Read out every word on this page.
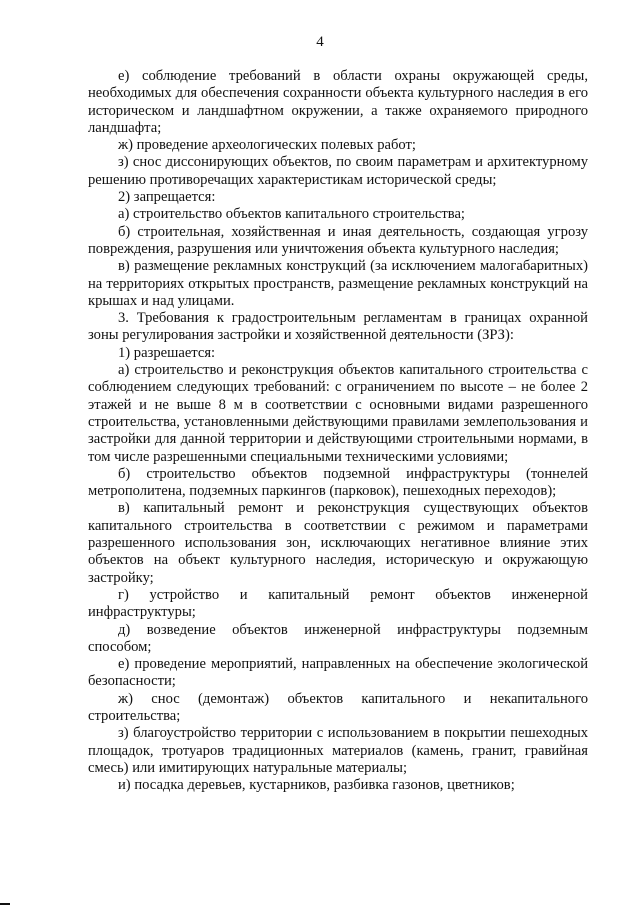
4

е) соблюдение требований в области охраны окружающей среды, необходимых для обеспечения сохранности объекта культурного наследия в его историческом и ландшафтном окружении, а также охраняемого природного ландшафта;

ж) проведение археологических полевых работ;

з) снос диссонирующих объектов, по своим параметрам и архитектурному решению противоречащих характеристикам исторической среды;

2) запрещается:

а) строительство объектов капитального строительства;

б) строительная, хозяйственная и иная деятельность, создающая угрозу повреждения, разрушения или уничтожения объекта культурного наследия;

в) размещение рекламных конструкций (за исключением малогабаритных) на территориях открытых пространств, размещение рекламных конструкций на крышах и над улицами.

3. Требования к градостроительным регламентам в границах охранной зоны регулирования застройки и хозяйственной деятельности (ЗРЗ):

1) разрешается:

а) строительство и реконструкция объектов капитального строительства с соблюдением следующих требований: с ограничением по высоте – не более 2 этажей и не выше 8 м в соответствии с основными видами разрешенного строительства, установленными действующими правилами землепользования и застройки для данной территории и действующими строительными нормами, в том числе разрешенными специальными техническими условиями;

б) строительство объектов подземной инфраструктуры (тоннелей метрополитена, подземных паркингов (парковок), пешеходных переходов);

в) капитальный ремонт и реконструкция существующих объектов капитального строительства в соответствии с режимом и параметрами разрешенного использования зон, исключающих негативное влияние этих объектов на объект культурного наследия, историческую и окружающую застройку;

г) устройство и капитальный ремонт объектов инженерной инфраструктуры;

д) возведение объектов инженерной инфраструктуры подземным способом;

е) проведение мероприятий, направленных на обеспечение экологической безопасности;

ж) снос (демонтаж) объектов капитального и некапитального строительства;

з) благоустройство территории с использованием в покрытии пешеходных площадок, тротуаров традиционных материалов (камень, гранит, гравийная смесь) или имитирующих натуральные материалы;

и) посадка деревьев, кустарников, разбивка газонов, цветников;
